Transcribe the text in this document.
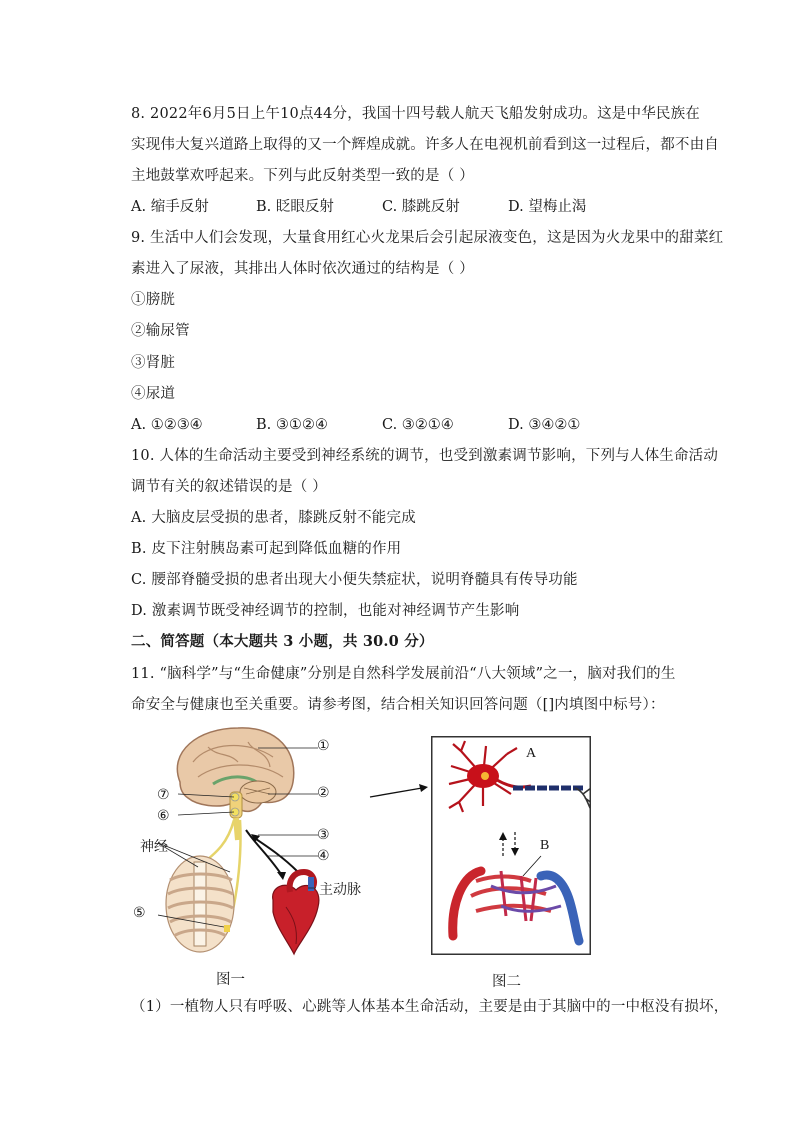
8. 2022年6月5日上午10点44分，我国十四号载人航天飞船发射成功。这是中华民族在
实现伟大复兴道路上取得的又一个辉煌成就。许多人在电视机前看到这一过程后，都不由自
主地鼓掌欢呼起来。下列与此反射类型一致的是（ ）
A. 缩手反射	B. 眨眼反射	C. 膝跳反射	D. 望梅止渴
9. 生活中人们会发现，大量食用红心火龙果后会引起尿液变色，这是因为火龙果中的甜菜红
素进入了尿液，其排出人体时依次通过的结构是（ ）
①膀胱
②输尿管
③肾脏
④尿道
A. ①②③④	B. ③①②④	C. ③②①④	D. ③④②①
10. 人体的生命活动主要受到神经系统的调节，也受到激素调节影响，下列与人体生命活动
调节有关的叙述错误的是（ ）
A. 大脑皮层受损的患者，膝跳反射不能完成
B. 皮下注射胰岛素可起到降低血糖的作用
C. 腰部脊髓受损的患者出现大小便失禁症状，说明脊髓具有传导功能
D. 激素调节既受神经调节的控制，也能对神经调节产生影响
二、简答题（本大题共 3 小题，共 30.0 分）
11. “脑科学”与“生命健康”分别是自然科学发展前沿“八大领域”之一，脑对我们的生
命安全与健康也至关重要。请参考图，结合相关知识回答问题（[]内填图中标号）：
①
②
⑦
⑥
③
神经
④
主动脉
⑤
图一
A
B
图二
（1）一植物人只有呼吸、心跳等人体基本生命活动，主要是由于其脑中的一中枢没有损坏，
